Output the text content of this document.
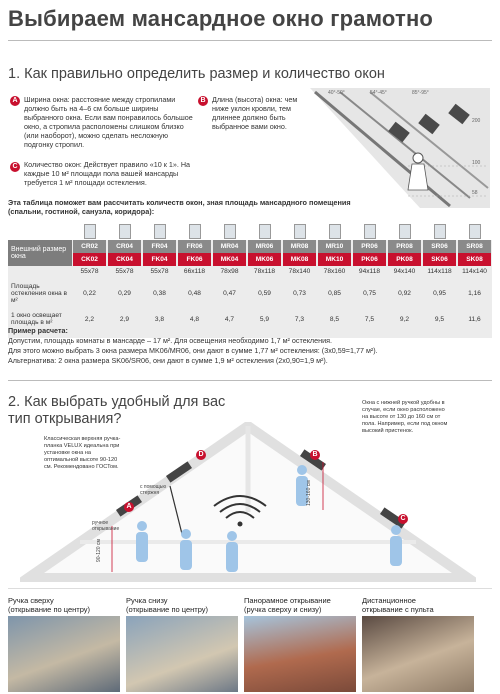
Выбираем мансардное окно грамотно
1. Как правильно определить размер и количество окон
A Ширина окна: расстояние между стропилами должно быть на 4–6 см больше ширины выбранного окна. Если вам понравилось большое окно, а стропила расположены слишком близко (или наоборот), можно сделать несложную подгонку стропил.
B Длина (высота) окна: чем ниже уклон кровли, тем длиннее должно быть выбранное вами окно.
C Количество окон: Действует правило «10 к 1». На каждые 10 м² площади пола вашей мансарды требуется 1 м² площади остекления.
40°-50°	54°-45°	85°-95°
200
100
58
Эта таблица поможет вам рассчитать количеств окон, зная площадь мансардного помещения (спальни, гостиной, санузла, коридора):
Внешний размер окна
CR02	CR04	FR04	FR06	MR04	MR06	MR08	MR10	PR06	PR08	SR06	SR08
CK02	CK04	FK04	FK06	MK04	MK06	MK08	MK10	PK06	PK08	SK06	SK08
55x78	55x78	55x78	66x118	78x98	78x118	78x140	78x160	94x118	94x140	114x118	114x140
Площадь остекления окна в м²
0,22	0,29	0,38	0,48	0,47	0,59	0,73	0,85	0,75	0,92	0,95	1,16
1 окно освещает площадь в м²	2,2	2,9	3,8	4,8	4,7	5,9	7,3	8,5	7,5	9,2	9,5	11,6
Пример расчета:
Допустим, площадь комнаты в мансарде – 17 м². Для освещения необходимо 1,7 м² остекления.
Для этого можно выбрать 3 окна размера MK06/MR06, они дают в сумме 1,77 м² остекления: (3x0,59=1,77 м²).
Альтернатива: 2 окна размера SK06/SR06, они дают в сумме 1,9 м² остекления (2x0,90=1,9 м²).
2. Как выбрать удобный для вас
тип открывания?
D
A
B
C
с помощью стержня
ручное открывание
90-120 см
130-160 см
Классическая верхняя ручка-планка VELUX идеальна при установке окна на оптимальной высоте 90-120 см. Рекомендовано ГОСТом.
Окна с нижней ручкой удобны в случае, если окно расположено на высоте от 130 до 160 см от пола. Например, если под окном высокий пристенок.
Ручка сверху
(открывание по центру)
Ручка снизу
(открывание по центру)
Панорамное открывание
(ручка сверху и снизу)
Дистанционное
открывание с пульта
